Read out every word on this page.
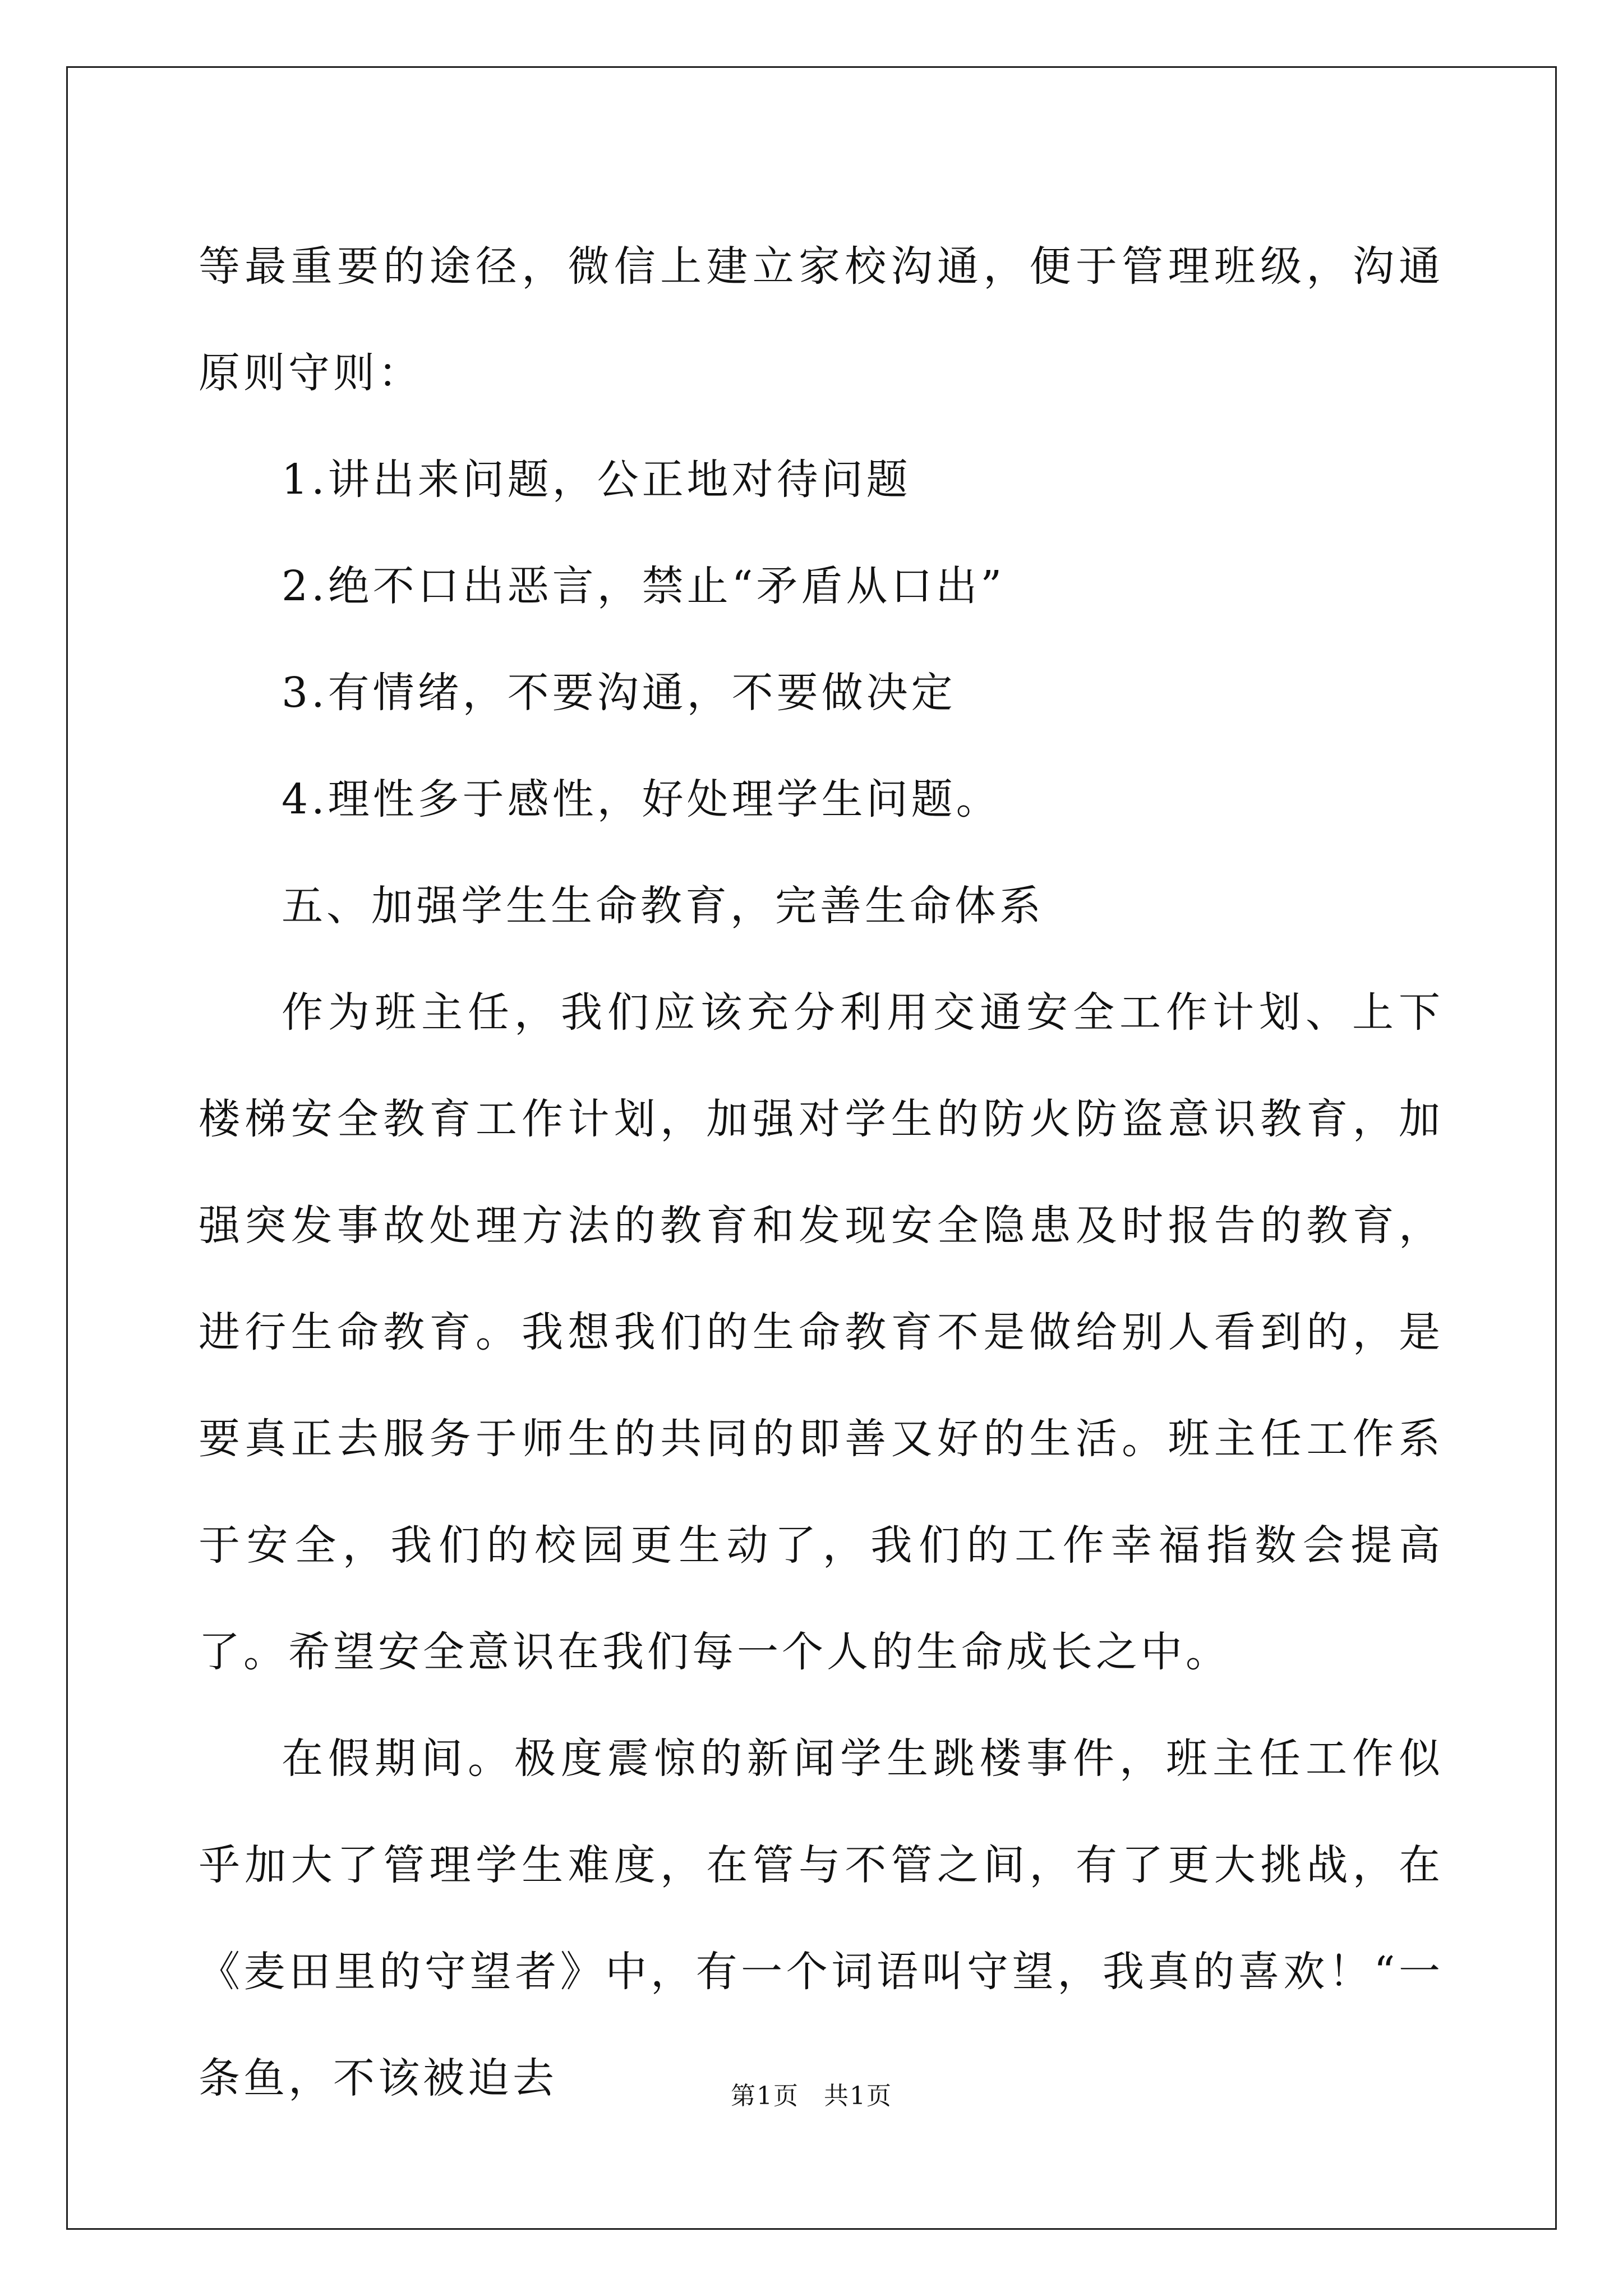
等最重要的途径，微信上建立家校沟通，便于管理班级，沟通原则守则：

1.讲出来问题，公正地对待问题

2.绝不口出恶言，禁止“矛盾从口出”

3.有情绪，不要沟通，不要做决定

4.理性多于感性，好处理学生问题。

五、加强学生生命教育，完善生命体系

作为班主任，我们应该充分利用交通安全工作计划、上下楼梯安全教育工作计划，加强对学生的防火防盗意识教育，加强突发事故处理方法的教育和发现安全隐患及时报告的教育，进行生命教育。我想我们的生命教育不是做给别人看到的，是要真正去服务于师生的共同的即善又好的生活。班主任工作系于安全，我们的校园更生动了，我们的工作幸福指数会提高了。希望安全意识在我们每一个人的生命成长之中。

在假期间。极度震惊的新闻学生跳楼事件，班主任工作似乎加大了管理学生难度，在管与不管之间，有了更大挑战，在《麦田里的守望者》中，有一个词语叫守望，我真的喜欢！“一条鱼，不该被迫去	第1页 共1页
